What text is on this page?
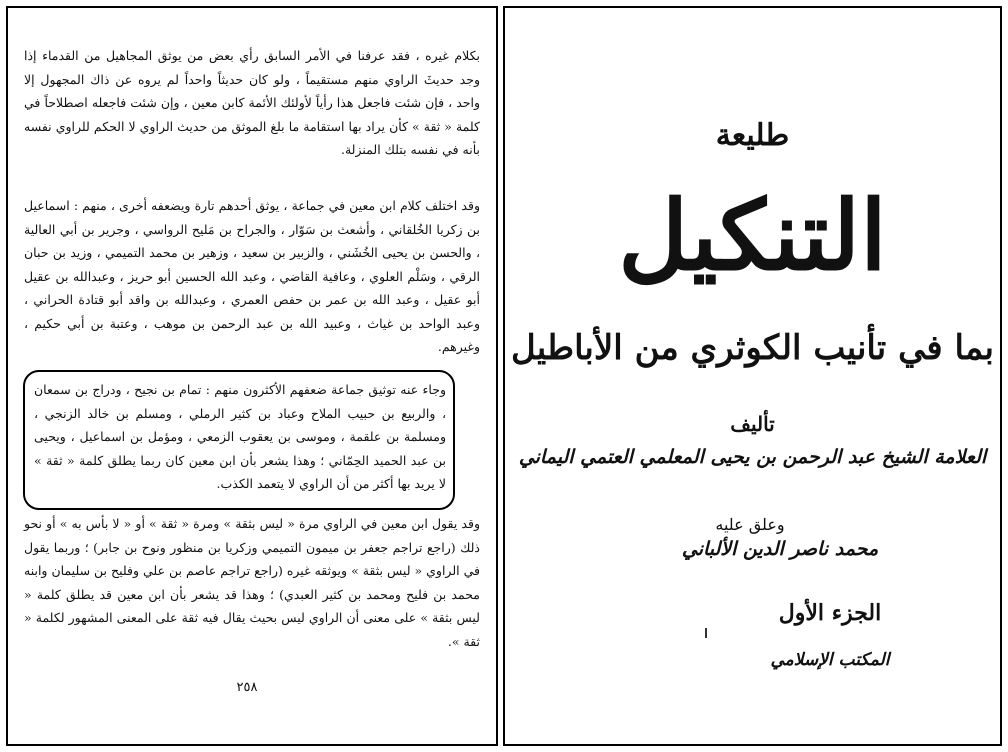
بكلام غيره ، فقد عرفنا في الأمر السابق رأي بعض من يوثق المجاهيل من القدماء إذا وجد حديثَ الراوي منهم مستقيماً ، ولو كان حديثاً واحداً لم يروه عن ذاك المجهول إلا واحد ، فإن شئت فاجعل هذا رأياً لأولئك الأئمة كابن معين ، وإن شئت فاجعله اصطلاحاً في كلمة « ثقة » كأن يراد بها استقامة ما بلغ الموثق من حديث الراوي لا الحكم للراوي نفسه بأنه في نفسه بتلك المنزلة.
وقد اختلف كلام ابن معين في جماعة ، يوثق أحدهم تارة ويضعفه أخرى ، منهم : اسماعيل بن زكريا الخُلقاني ، وأشعث بن سَوّار ، والجراح بن مَليح الرواسي ، وجرير بن أبي العالية ، والحسن بن يحيى الخُشَني ، والزبير بن سعيد ، وزهير بن محمد التميمي ، وزيد بن حبان الرقي ، وسَلْم العلوي ، وعافية القاضي ، وعبد الله الحسين أبو حريز ، وعبدالله بن عقيل أبو عقيل ، وعبد الله بن عمر بن حفص العمري ، وعبدالله بن واقد أبو قتادة الحراني ، وعبد الواحد بن غياث ، وعبيد الله بن عبد الرحمن بن موهب ، وعتبة بن أبي حكيم ، وغيرهم.
وجاء عنه توثيق جماعة ضعفهم الأكثرون منهم : تمام بن نجيح ، ودراج بن سمعان ، والربيع بن حبيب الملاح وعباد بن كثير الرملي ، ومسلم بن خالد الزنجي ، ومسلمة بن علقمة ، وموسى بن يعقوب الزمعي ، ومؤمل بن اسماعيل ، ويحيى بن عبد الحميد الحِمّاني ؛ وهذا يشعر بأن ابن معين كان ربما يطلق كلمة « ثقة » لا يريد بها أكثر من أن الراوي لا يتعمد الكذب.
وقد يقول ابن معين في الراوي مرة « ليس بثقة » ومرة « ثقة » أو « لا بأس به » أو نحو ذلك (راجع تراجم جعفر بن ميمون التميمي وزكريا بن منظور ونوح بن جابر) ؛ وربما يقول في الراوي « ليس بثقة » ويوثقه غيره (راجع تراجم عاصم بن علي وفليح بن سليمان وابنه محمد بن فليح ومحمد بن كثير العبدي) ؛ وهذا قد يشعر بأن ابن معين قد يطلق كلمة « ليس بثقة » على معنى أن الراوي ليس بحيث يقال فيه ثقة على المعنى المشهور لكلمة « ثقة ».
٢٥٨
طليعة
التنكيل
بما في تأنيب الكوثري من الأباطيل
تأليف
العلامة الشيخ عبد الرحمن بن يحيى المعلمي العتمي اليماني
وعلق عليه
محمد ناصر الدين الألباني
الجزء الأول
المكتب الإسلامي
